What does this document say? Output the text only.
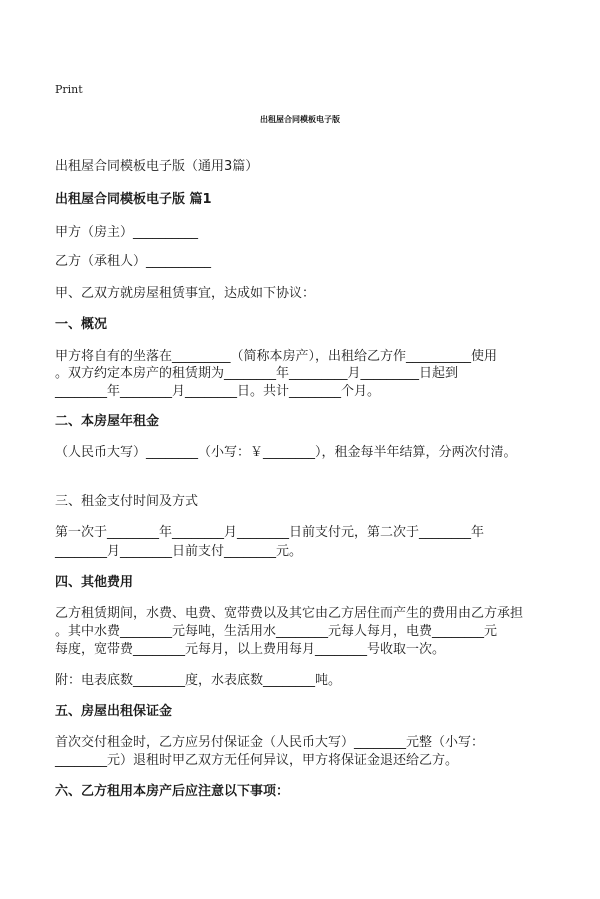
Print
出租屋合同模板电子版
出租屋合同模板电子版（通用3篇）
出租屋合同模板电子版 篇1
甲方（房主）__________
乙方（承租人）__________
甲、乙双方就房屋租赁事宜，达成如下协议：
一、概况
甲方将自有的坐落在_________（简称本房产），出租给乙方作__________使用
。双方约定本房产的租赁期为________年_________月_________日起到
________年________月________日。共计________个月。
二、本房屋年租金
（人民币大写）________（小写：￥________），租金每半年结算，分两次付清。
三、租金支付时间及方式
第一次于________年________月________日前支付元，第二次于________年
________月________日前支付________元。
四、其他费用
乙方租赁期间，水费、电费、宽带费以及其它由乙方居住而产生的费用由乙方承担
。其中水费________元每吨，生活用水________元每人每月，电费________元
每度，宽带费________元每月，以上费用每月________号收取一次。
附：电表底数________度，水表底数________吨。
五、房屋出租保证金
首次交付租金时，乙方应另付保证金（人民币大写）________元整（小写：
________元）退租时甲乙双方无任何异议，甲方将保证金退还给乙方。
六、乙方租用本房产后应注意以下事项：
